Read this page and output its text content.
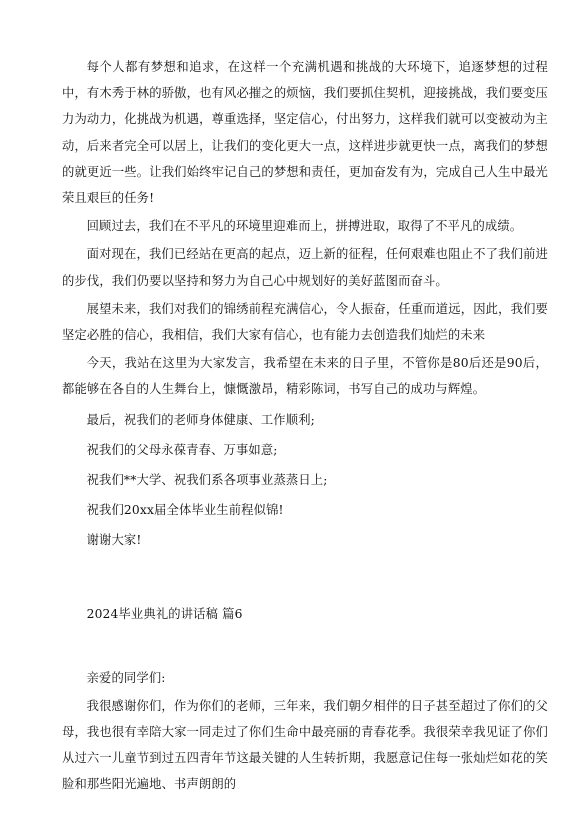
每个人都有梦想和追求，在这样一个充满机遇和挑战的大环境下，追逐梦想的过程中，有木秀于林的骄傲，也有风必摧之的烦恼，我们要抓住契机，迎接挑战，我们要变压力为动力，化挑战为机遇，尊重选择，坚定信心，付出努力，这样我们就可以变被动为主动，后来者完全可以居上，让我们的变化更大一点，这样进步就更快一点，离我们的梦想的就更近一些。让我们始终牢记自己的梦想和责任，更加奋发有为，完成自己人生中最光荣且艰巨的任务!

回顾过去，我们在不平凡的环境里迎难而上，拼搏进取，取得了不平凡的成绩。

面对现在，我们已经站在更高的起点，迈上新的征程，任何艰难也阻止不了我们前进的步伐，我们仍要以坚持和努力为自己心中规划好的美好蓝图而奋斗。

展望未来，我们对我们的锦绣前程充满信心，令人振奋，任重而道远，因此，我们要坚定必胜的信心，我相信，我们大家有信心，也有能力去创造我们灿烂的未来

今天，我站在这里为大家发言，我希望在未来的日子里，不管你是80后还是90后，都能够在各自的人生舞台上，慷慨激昂，精彩陈词，书写自己的成功与辉煌。

最后，祝我们的老师身体健康、工作顺利;

祝我们的父母永葆青春、万事如意;

祝我们**大学、祝我们系各项事业蒸蒸日上;

祝我们20xx届全体毕业生前程似锦!

谢谢大家!

2024毕业典礼的讲话稿 篇6

亲爱的同学们:

我很感谢你们，作为你们的老师，三年来，我们朝夕相伴的日子甚至超过了你们的父母，我也很有幸陪大家一同走过了你们生命中最亮丽的青春花季。我很荣幸我见证了你们从过六一儿童节到过五四青年节这最关键的人生转折期，我愿意记住每一张灿烂如花的笑脸和那些阳光遍地、书声朗朗的
